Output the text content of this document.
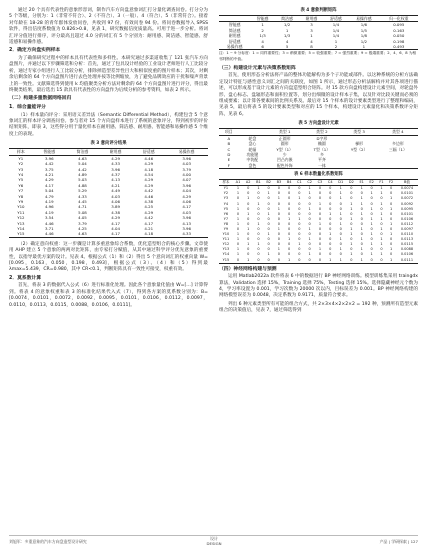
通过 20 个具有代表性的意象形容词，制作汽车方向盘意象词汇打分量化调查问卷。打分分为 5 个等级，分别为：1（非常不符合）、2（不符合）、3（一般）、4（符合）、5（非常符合）。接着对年龄在 18-28 的青年群体发放问卷，共收到 97 份，有效问卷 94 份。将问卷数据导入 SPSS 软件，得出信度系数值为 0.826>0.8，见表 1，研究数据信度质量高。可用于进一步分析。将词汇评分值进行排序，评分最高且超过 4.0 分的词汇有 5 个分别为：耐用感、简洁感、智能感、舒适感和易操作感。

2．确定方向盘实例样本

为了确保研究过程中的样本具有代表性和多样性。本研究通过多渠道收集了 121 张汽车方向盘图片，并通过以下步骤筛选和分析：首先，通过了包具设计经验的工业设计老师进行人工比较分析，通过专家小组进行人工比较分析，排除掉造型差异性目大和相似度重的图片样本；其次，对剩余后剩余的 64 个方向盘图片进行去色处理并按等比例缩放，为了避免品牌效应的干扰和噪声背景上的一致性。文献筛选得到使用 k 均值聚类分析方法对剩余的 64 个方向盘图片进行评分，得出最终聚类结果，最后选出 15 款具有代表性的方向盘作为后续分析的参考资料，如表 2 所示。

（二）构建多重数据网络回归

1．综合量能评分

（1）样本量向评分：采用语义差异法（Semantic Differential Method），构建包含 5 个意象词汇的样本评分调查问卷。参与者对 15 个方向盘样本进行了系统的意象评分，得到初步的评价结果矩阵，即表 3，这些得分用于量化样本在耐用感、简洁感、耐用感、智能感和易操作感 5 个维度上的表现。

表 3 意向评分结果
样本	智能感	简洁感	耐用感	舒适感	易操作感
Y1	3.96	4.63	4.29	4.46	3.96
Y2	4.42	5.04	4.33	4.29	4.03
Y3	3.75	4.42	3.96	4.18	3.79
Y4	4.21	4.89	4.37	4.54	4.00
Y5	4.29	5.03	4.13	4.29	4.07
Y6	4.17	4.88	4.21	4.29	3.96
Y7	5.04	5.29	4.49	4.42	4.04
Y8	4.79	4.33	4.03	4.46	4.29
Y9	4.19	4.45	4.06	4.38	4.06
Y10	4.96	4.71	3.89	4.25	4.17
Y11	4.19	5.08	4.38	4.29	4.03
Y12	3.54	4.05	4.29	4.42	3.96
Y13	4.46	3.79	4.17	4.17	4.13
Y14	3.71	4.25	4.04	4.21	3.96
Y15	4.46	4.63	4.17	4.18	4.33

（2）确定意向权重：这一步骤是计算多重意象综合系数，优化造型组合的核心步骤。文章使用 AHP 建立 5 个意象的两两对比矩阵，由专家打分赋值，从其中通过科学评分优先意象的重要性，以指导最优方案的设计。见表 4。根据公式（1）和（2）得出 5 个意向词汇的权重向量 W=[0.095，0.163，0.050，0.198，0.493]，根据公式（3）、（4）和（5）得到最 λmax=5.439，CR=0.980，其中 CR<0.1，判断矩阵具有一致性可接受，权重有效。

2．莫系数计算

首先，将表 3 的数据代入公式（6）进行标准化处理。因此各个意象量化值由 W=[…] 计算得到。将表 4 的意象权重和表 3 的标准化结果代入式（7），得到各方案的莫系数分别为：B=[0.0074，0.0101，0.0072，0.0092，0.0095，0.0101，0.0106，0.0112，0.0097，0.0110，0.0113，0.0115，0.0088，0.0106，0.0111]。

表 4 意象判断矩阵
	智能感	简洁感	耐用感	舒适感	易操作感	归一化权重
智能感	1	1/2	3	1/4	1/6	0.095
简洁感	2	1	3	1/4	1/5	0.163
耐用感	1/3	1/3	1	1/4	1/8	0.050
舒适感	4	4	4	1	1/2	0.198
易操作感	6	5	8	2	1	0.493
注：1 ~ 9 分标度：1 = 同样重要性；3 = 稍微重要；5 = 较强重要；7 = 强烈重要；9 = 极端重要；2、4、6、8 为相邻判断的中值。

（三）构建设计元素与决策系数矩阵

首先，使用形态分析法将产品的整体功能解构为多个子功能或部件。以这种系统的分析方法确定设计特征与感性意义词汇之间的关联度，如图 1 所示，通过形态分析法解构并对其各项进行描述，可以形成基于设计元素的方向盘造型组合矩阵。对 15 款方向盘构建设计元素空间，对轮盘外形、盘心标志、盘辐形态和面积位置等，划分出细微的设计样本子集，以及针对比较关键而必须的组成要素；以计算各要素间的比例关系及。最后对 15 个样本的设计要素类型进行了整理和编码，见表 5，最后将表 5 的设计要素类型和对应的 15 个样本，构建设计元素量化和决策系数评分矩阵，见表 6。

表 5 方向盘设计元素
项目		类型 1	类型 2	类型 3	类型 4
A	轮盘	正圆形	D字形		
B	盘心	圆形	椭圆	梯形	多边形
C	轮辐	Y型（1）	T型（1）	Y型（2）	三辐（1）
D	功能键	少	多		
E	中装配	凹凸内嵌	平齐		
F	盘色	配色外饰	一体		
表 6 样本数量化系数矩阵
样本	A1	A2	B1	B2	B3	B4	C1	C2	C3	C4	D1	D2	E1	E2	F1	F2	B值
Y1	1	0	1	0	0	0	0	1	0	0	1	0	1	0	1	0	0.0074
Y2	1	0	0	1	0	0	0	1	0	0	1	0	0	1	1	0	0.0101
Y3	0	1	0	0	1	0	1	0	0	0	1	0	1	0	0	1	0.0072
Y4	1	0	1	0	0	0	0	0	1	0	0	1	1	0	1	0	0.0092
Y5	1	0	0	0	1	0	0	1	0	0	0	1	0	1	0	1	0.0095
Y6	0	1	0	1	0	0	0	0	0	1	1	0	1	0	1	0	0.0101
Y7	1	0	0	0	0	1	1	0	0	0	0	1	0	1	1	0	0.0106
Y8	1	0	1	0	0	0	0	0	1	0	1	0	0	1	0	1	0.0112
Y9	0	1	0	0	1	0	0	1	0	0	0	1	1	0	1	0	0.0097
Y10	1	0	0	1	0	0	0	0	0	1	0	1	0	1	0	1	0.0110
Y11	1	0	0	0	0	1	0	1	0	0	1	0	1	0	1	0	0.0113
Y12	0	1	1	0	0	0	1	0	0	0	0	1	0	1	1	0	0.0115
Y13	1	0	0	0	1	0	0	0	1	0	1	0	1	0	0	1	0.0088
Y14	1	0	0	1	0	0	0	1	0	0	0	1	0	1	1	0	0.0106
Y15	0	1	0	0	0	1	0	0	0	1	1	0	1	0	0	1	0.0111

（四）神经网络构建与预测

运用 Matlab2022a 软件将表 6 中的数据进行 BP 神经网络训练。模型训练集采用 traingdx 算法，Validation 选择 15%，Training 选择 75%，Testing 选择 15%。选择隐藏神经元个数为 4，学习率设置为 0.001，学习次数为 20000 次以内，目标误差为 0.001。BP 神经网络构建的网络模型误差为 0.0048，决定系数为 0.9171，质量符合要求。

列出 6 种元素类型所有可能的组合方式，共 2×3×4×2×2×2 = 192 种，预测所有造型元素组合的决策值后，见表 7，通过筛选得到

刘旭军：多重意象的汽车方向盘造型设计研究
设计
DESIGN	产品 | 学研探索 | 127
